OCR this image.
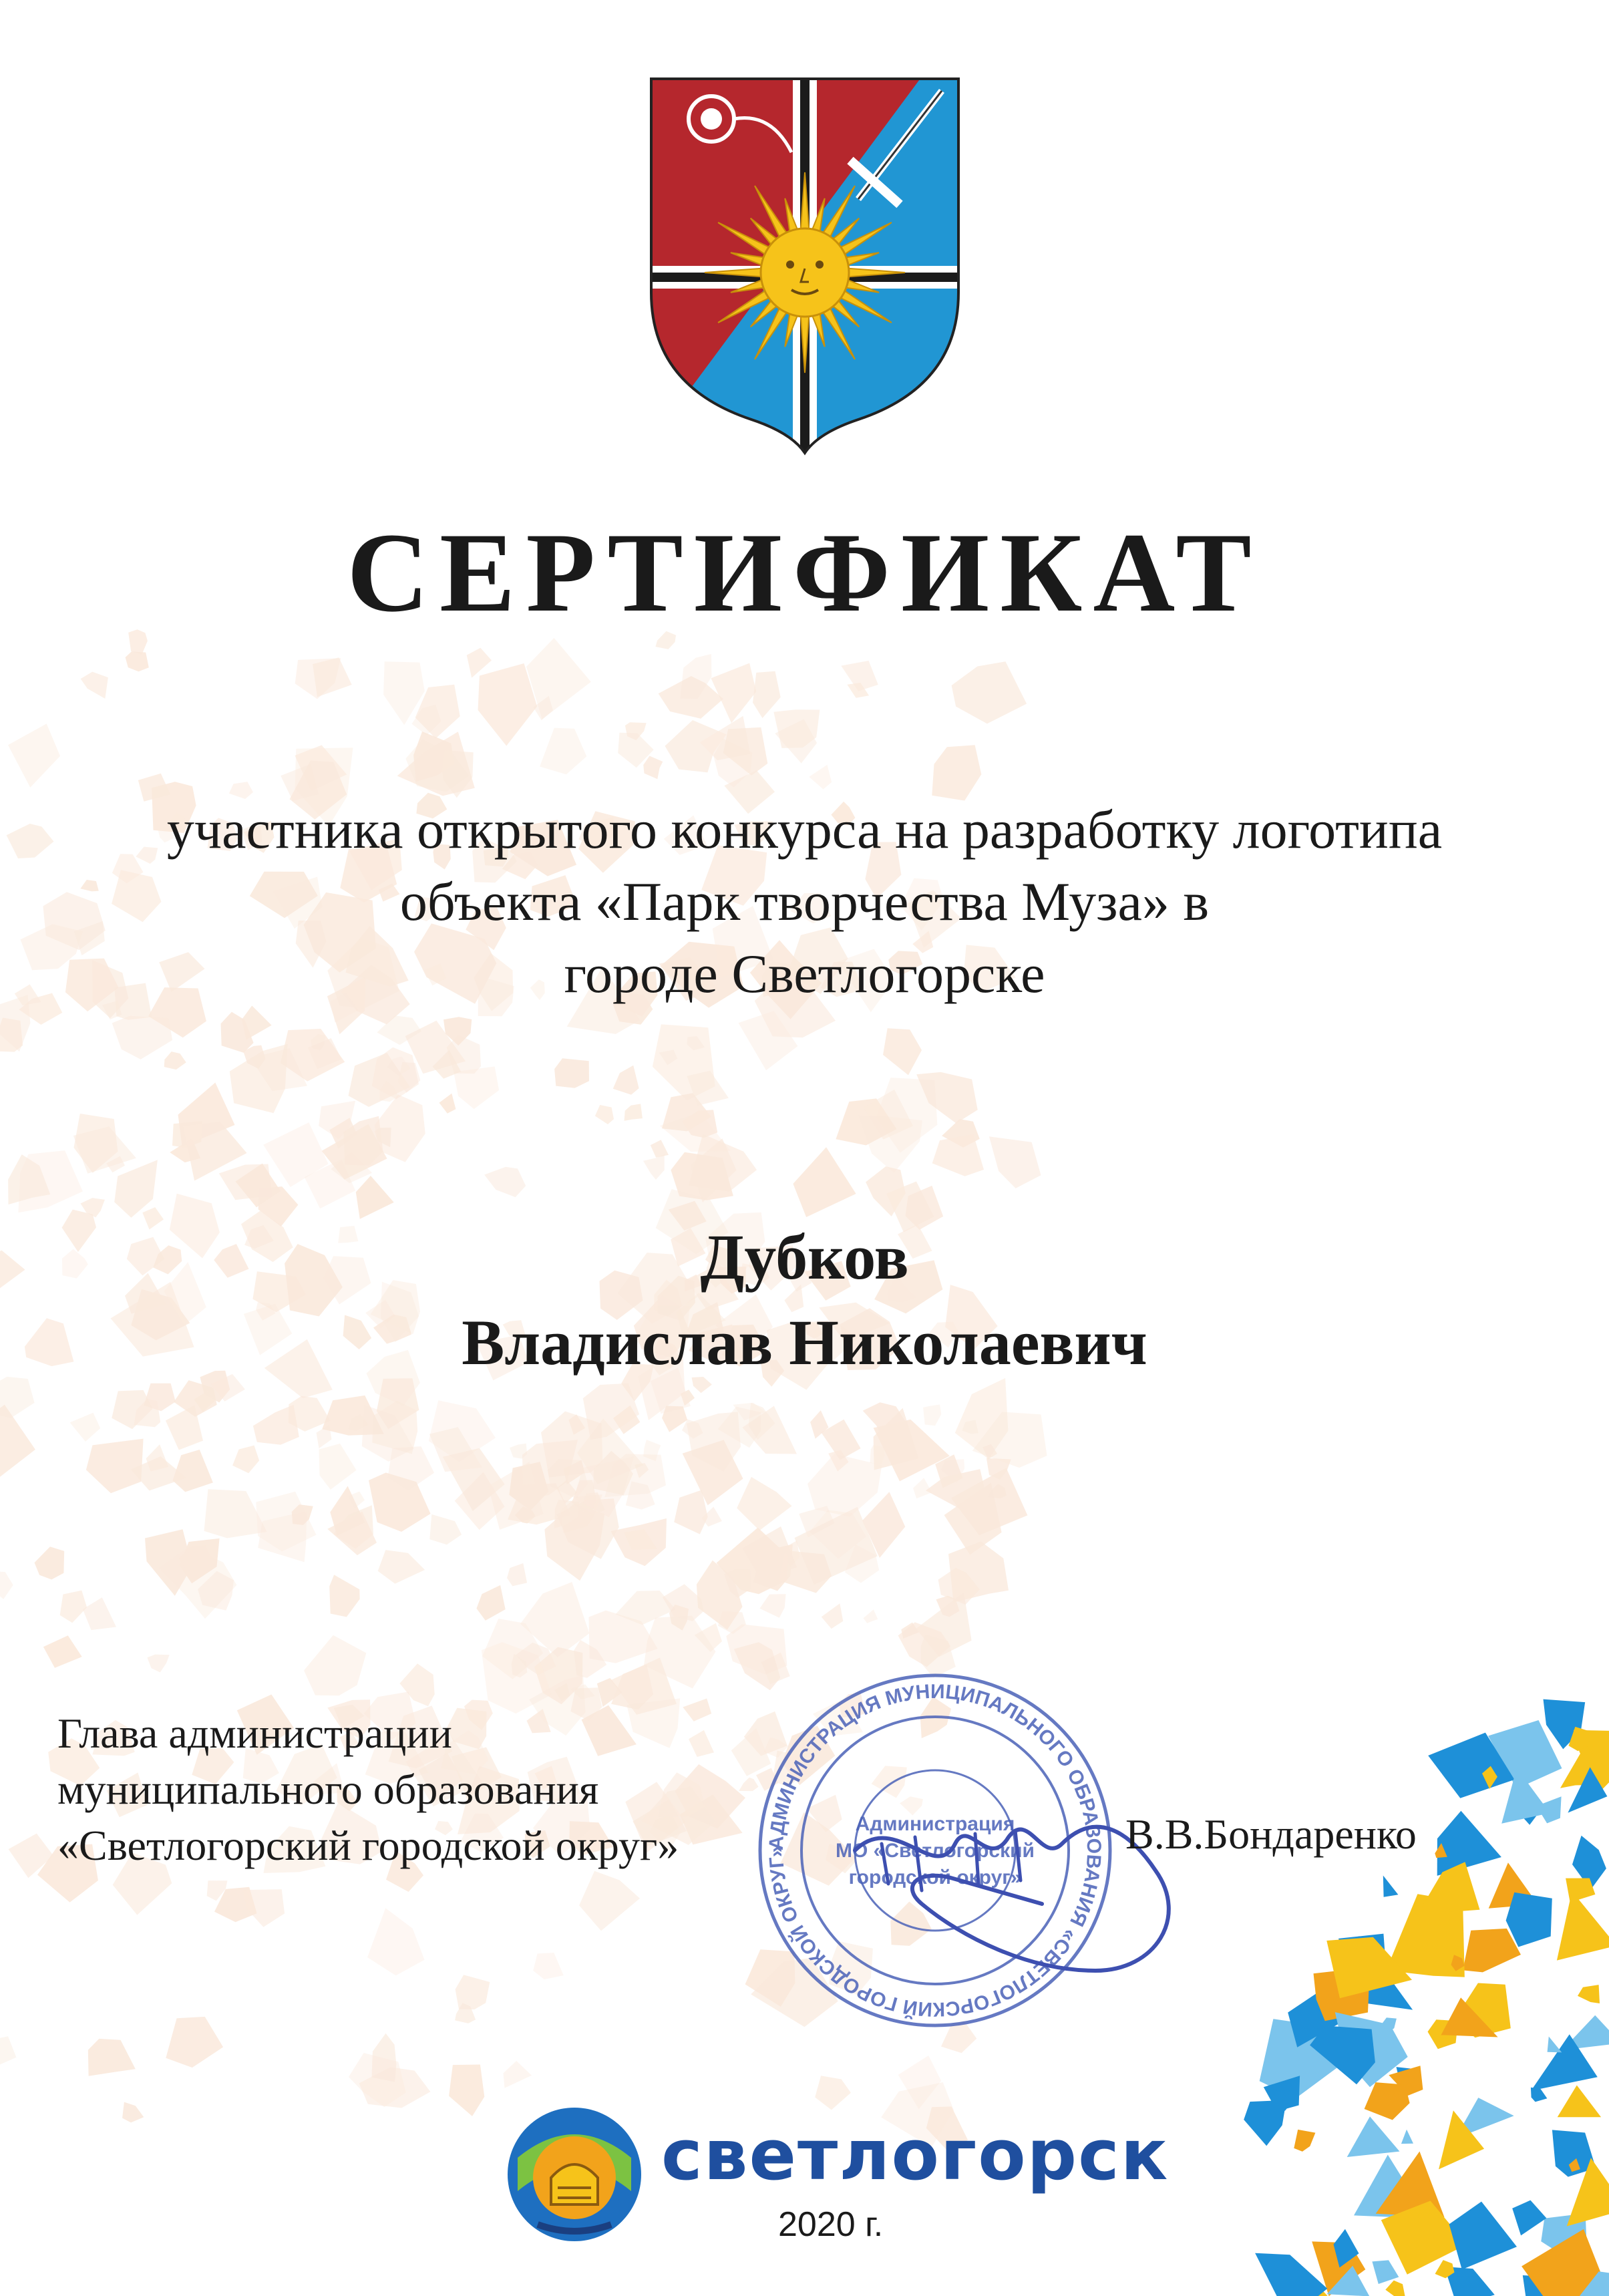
СЕРТИФИКАТ
участника открытого конкурса на разработку логотипа
объекта «Парк творчества Муза» в
городе Светлогорске
Дубков
Владислав Николаевич
Глава администрации
муниципального образования
«Светлогорский городской округ»	АДМИНИСТРАЦИЯ МУНИЦИПАЛЬНОГО ОБРАЗОВАНИЯ «СВЕТЛОГОРСКИЙ ГОРОДСКОЙ ОКРУГ»
Администрация
МО «Светлогорский
городской округ»
В.В.Бондаренко
светлогорск
2020 г.
